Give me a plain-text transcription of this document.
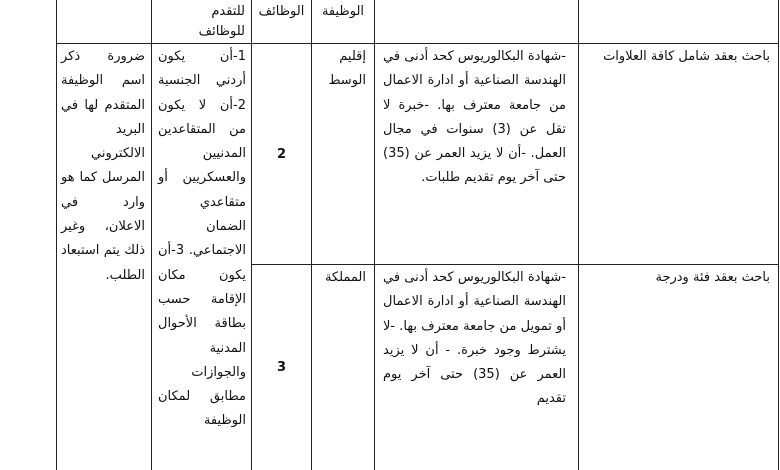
	للتقدم
للوظائف	الوظائف	الوظيفة		

ضرورة ذكر اسم الوظيفة المتقدم لها في البريد الالكتروني المرسل كما هو وارد في الاعلان، وغير ذلك يتم استبعاد الطلب.	1-أن يكون أردني الجنسية 2-أن لا يكون من المتقاعدين المدنيين والعسكريين أو متقاعدي الضمان الاجتماعي. 3-أن يكون مكان الإقامة حسب بطاقة الأحوال المدنية والجوازات مطابق لمكان الوظيفة	2	إقليم الوسط	-شهادة البكالوريوس كحد أدنى في الهندسة الصناعية أو ادارة الاعمال من جامعة معترف بها. -خبرة لا تقل عن (3) سنوات في مجال العمل. -أن لا يزيد العمر عن (35) حتى آخر يوم تقديم طلبات.	باحث بعقد شامل كافة العلاوات

		3	المملكة	-شهادة البكالوريوس كحد أدنى في الهندسة الصناعية أو ادارة الاعمال أو تمويل من جامعة معترف بها. -لا يشترط وجود خبرة. - أن لا يزيد العمر عن (35) حتى آخر يوم تقديم	باحث بعقد فئة ودرجة
